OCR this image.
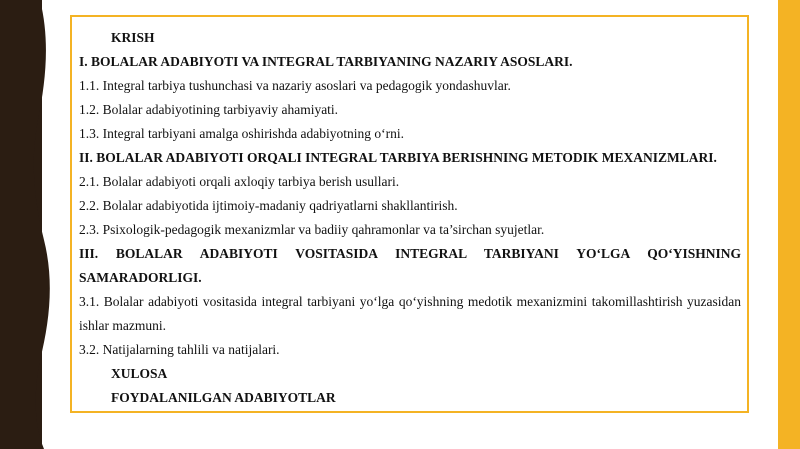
KRISH
I. BOLALAR ADABIYOTI VA INTEGRAL TARBIYANING NAZARIY ASOSLARI.
1.1. Integral tarbiya tushunchasi va nazariy asoslari va pedagogik yondashuvlar.
1.2. Bolalar adabiyotining tarbiyaviy ahamiyati.
1.3. Integral tarbiyani amalga oshirishda adabiyotning o‘rni.
II. BOLALAR ADABIYOTI ORQALI INTEGRAL TARBIYA BERISHNING METODIK MEXANIZMLARI.
2.1. Bolalar adabiyoti orqali axloqiy tarbiya berish usullari.
2.2. Bolalar adabiyotida ijtimoiy-madaniy qadriyatlarni shakllantirish.
2.3. Psixologik-pedagogik mexanizmlar va badiiy qahramonlar va ta’sirchan syujetlar.
III. BOLALAR ADABIYOTI VOSITASIDA INTEGRAL TARBIYANI YO‘LGA QO‘YISHNING
SAMARADORLIGI.
3.1. Bolalar adabiyoti vositasida integral tarbiyani yo‘lga qo‘yishning medotik mexanizmini takomillashtirish yuzasidan
ishlar mazmuni.
3.2. Natijalarning tahlili va natijalari.
XULOSA
FOYDALANILGAN ADABIYOTLAR
